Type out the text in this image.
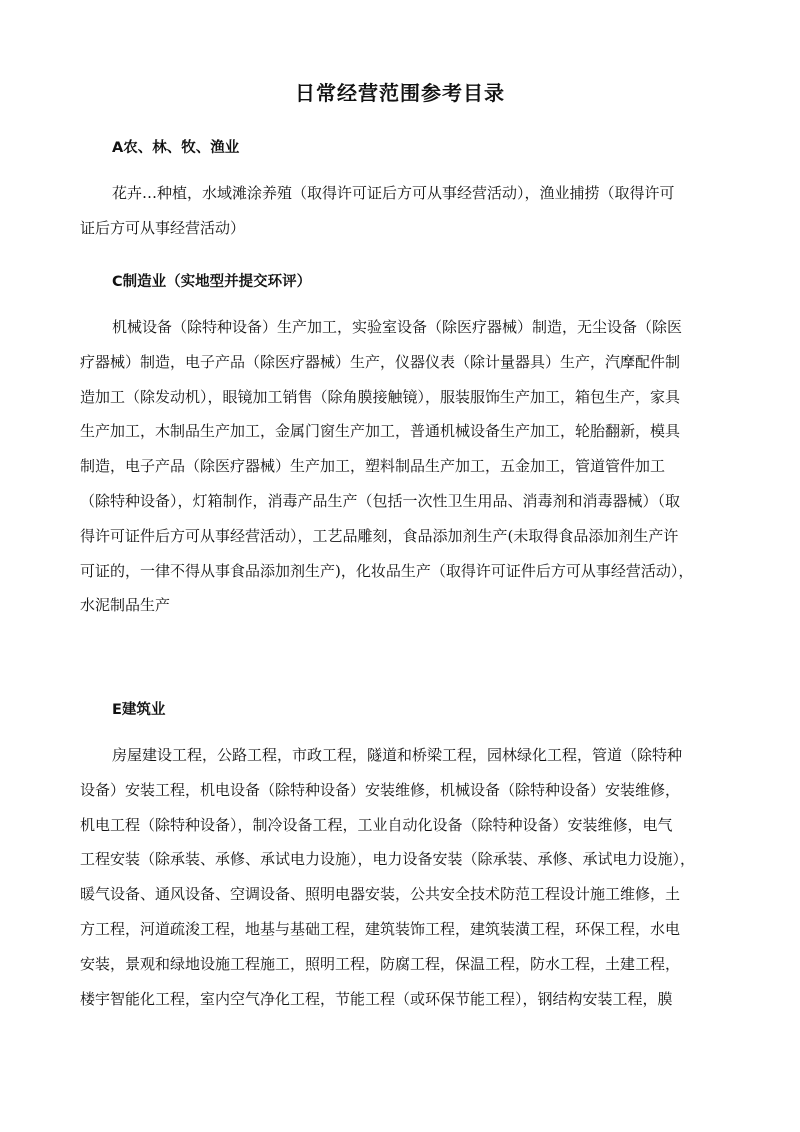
日常经营范围参考目录
A农、林、牧、渔业
花卉…种植，水域滩涂养殖（取得许可证后方可从事经营活动），渔业捕捞（取得许可
证后方可从事经营活动）
C制造业（实地型并提交环评）
机械设备（除特种设备）生产加工，实验室设备（除医疗器械）制造，无尘设备（除医
疗器械）制造，电子产品（除医疗器械）生产，仪器仪表（除计量器具）生产，汽摩配件制
造加工（除发动机），眼镜加工销售（除角膜接触镜），服装服饰生产加工，箱包生产，家具
生产加工，木制品生产加工，金属门窗生产加工，普通机械设备生产加工，轮胎翻新，模具
制造，电子产品（除医疗器械）生产加工，塑料制品生产加工，五金加工，管道管件加工
（除特种设备），灯箱制作，消毒产品生产（包括一次性卫生用品、消毒剂和消毒器械）（取
得许可证件后方可从事经营活动），工艺品雕刻，食品添加剂生产(未取得食品添加剂生产许
可证的，一律不得从事食品添加剂生产)，化妆品生产（取得许可证件后方可从事经营活动），
水泥制品生产
E建筑业
房屋建设工程，公路工程，市政工程，隧道和桥梁工程，园林绿化工程，管道（除特种
设备）安装工程，机电设备（除特种设备）安装维修，机械设备（除特种设备）安装维修，
机电工程（除特种设备），制冷设备工程，工业自动化设备（除特种设备）安装维修，电气
工程安装（除承装、承修、承试电力设施），电力设备安装（除承装、承修、承试电力设施），
暖气设备、通风设备、空调设备、照明电器安装，公共安全技术防范工程设计施工维修，土
方工程，河道疏浚工程，地基与基础工程，建筑装饰工程，建筑装潢工程，环保工程，水电
安装，景观和绿地设施工程施工，照明工程，防腐工程，保温工程，防水工程，土建工程，
楼宇智能化工程，室内空气净化工程，节能工程（或环保节能工程），钢结构安装工程，膜
